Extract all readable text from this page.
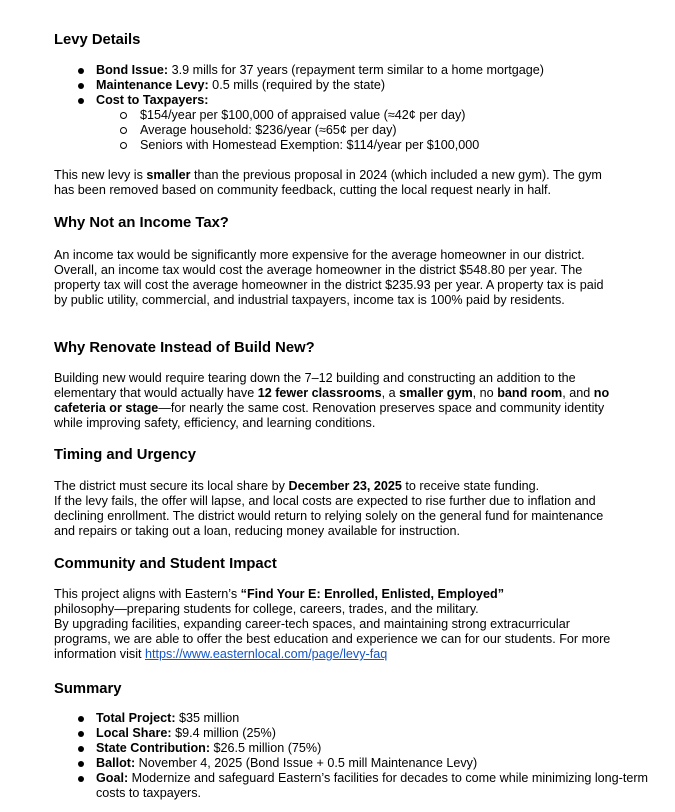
Levy Details
Bond Issue: 3.9 mills for 37 years (repayment term similar to a home mortgage)
Maintenance Levy: 0.5 mills (required by the state)
Cost to Taxpayers:
$154/year per $100,000 of appraised value (≈42¢ per day)
Average household: $236/year (≈65¢ per day)
Seniors with Homestead Exemption: $114/year per $100,000

This new levy is smaller than the previous proposal in 2024 (which included a new gym). The gym has been removed based on community feedback, cutting the local request nearly in half.

Why Not an Income Tax?

An income tax would be significantly more expensive for the average homeowner in our district. Overall, an income tax would cost the average homeowner in the district $548.80 per year. The property tax will cost the average homeowner in the district $235.93 per year. A property tax is paid by public utility, commercial, and industrial taxpayers, income tax is 100% paid by residents.

Why Renovate Instead of Build New?

Building new would require tearing down the 7–12 building and constructing an addition to the elementary that would actually have 12 fewer classrooms, a smaller gym, no band room, and no cafeteria or stage—for nearly the same cost. Renovation preserves space and community identity while improving safety, efficiency, and learning conditions.

Timing and Urgency

The district must secure its local share by December 23, 2025 to receive state funding.
If the levy fails, the offer will lapse, and local costs are expected to rise further due to inflation and declining enrollment. The district would return to relying solely on the general fund for maintenance and repairs or taking out a loan, reducing money available for instruction.

Community and Student Impact

This project aligns with Eastern’s “Find Your E: Enrolled, Enlisted, Employed”
philosophy—preparing students for college, careers, trades, and the military.
By upgrading facilities, expanding career-tech spaces, and maintaining strong extracurricular programs, we are able to offer the best education and experience we can for our students. For more information visit https://www.easternlocal.com/page/levy-faq

Summary
Total Project: $35 million
Local Share: $9.4 million (25%)
State Contribution: $26.5 million (75%)
Ballot: November 4, 2025 (Bond Issue + 0.5 mill Maintenance Levy)
Goal: Modernize and safeguard Eastern’s facilities for decades to come while minimizing long-term costs to taxpayers.
